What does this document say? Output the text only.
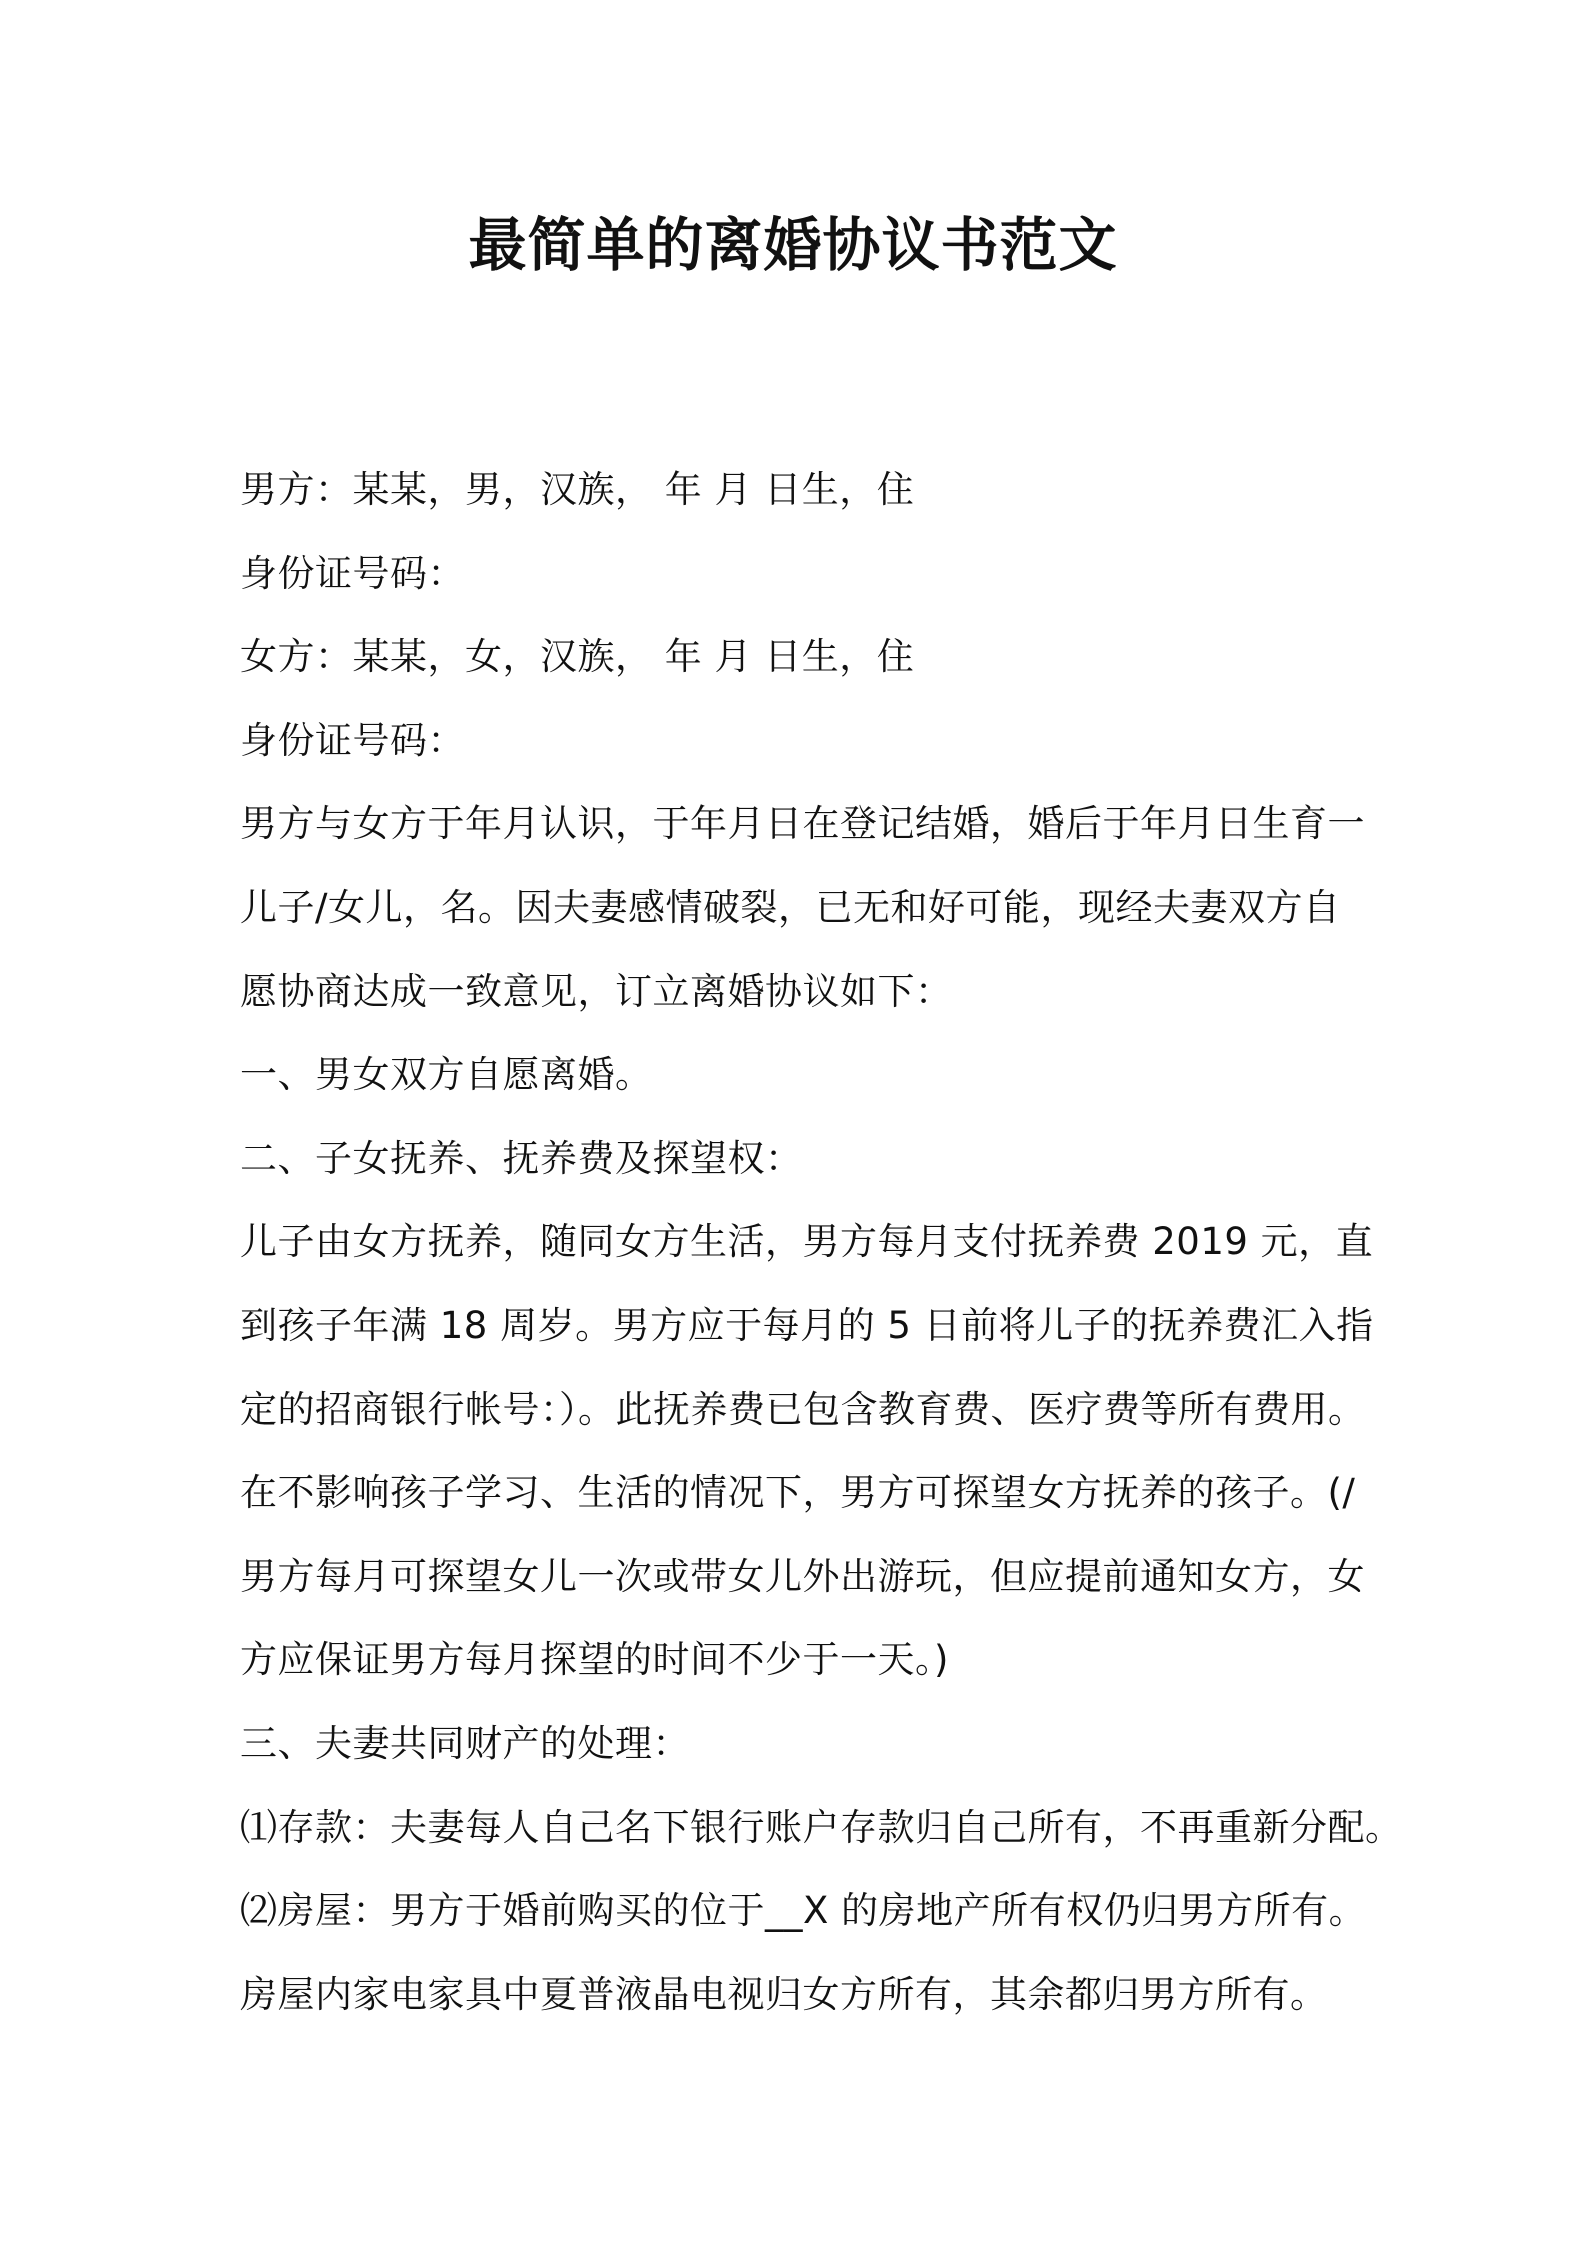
最简单的离婚协议书范文
男方：某某，男，汉族， 年 月 日生，住
身份证号码：
女方：某某，女，汉族， 年 月 日生，住
身份证号码：
男方与女方于年月认识，于年月日在登记结婚，婚后于年月日生育一
儿子/女儿，名。因夫妻感情破裂，已无和好可能，现经夫妻双方自
愿协商达成一致意见，订立离婚协议如下：
一、男女双方自愿离婚。
二、子女抚养、抚养费及探望权：
儿子由女方抚养，随同女方生活，男方每月支付抚养费 2019 元，直
到孩子年满 18 周岁。男方应于每月的 5 日前将儿子的抚养费汇入指
定的招商银行帐号：）。此抚养费已包含教育费、医疗费等所有费用。
在不影响孩子学习、生活的情况下，男方可探望女方抚养的孩子。(/
男方每月可探望女儿一次或带女儿外出游玩，但应提前通知女方，女
方应保证男方每月探望的时间不少于一天。)
三、夫妻共同财产的处理：
⑴存款：夫妻每人自己名下银行账户存款归自己所有，不再重新分配。
⑵房屋：男方于婚前购买的位于__X 的房地产所有权仍归男方所有。
房屋内家电家具中夏普液晶电视归女方所有，其余都归男方所有。
